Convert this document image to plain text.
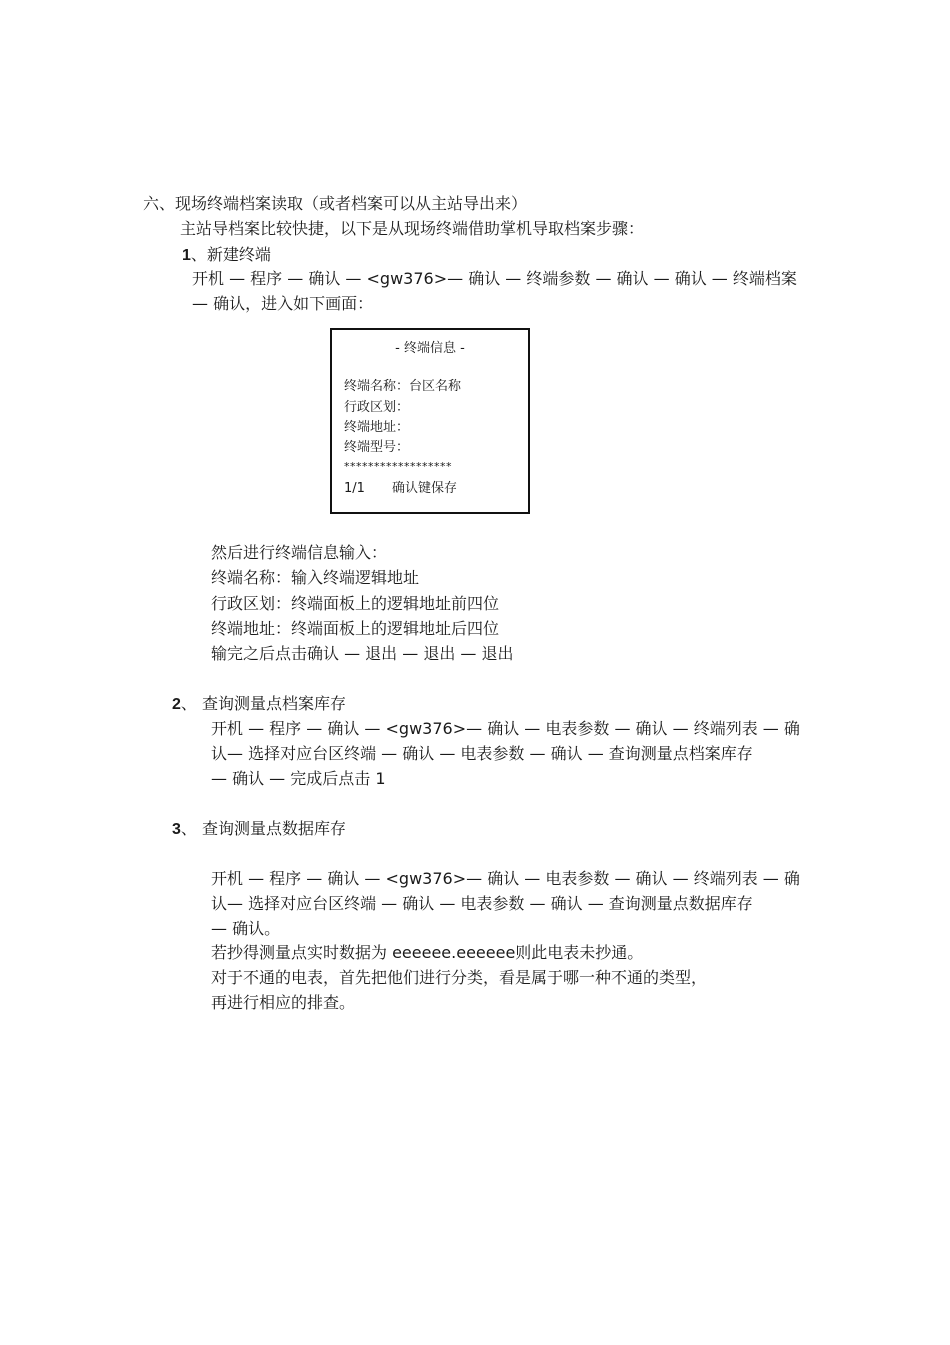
六、现场终端档案读取（或者档案可以从主站导出来）
主站导档案比较快捷，以下是从现场终端借助掌机导取档案步骤：
1、新建终端
开机 — 程序 — 确认 — <gw376>— 确认 — 终端参数 — 确认 — 确认 — 终端档案
— 确认，进入如下画面：
- 终端信息 -
终端名称：台区名称
行政区划：
终端地址：
终端型号：
******************
1/1 确认键保存
然后进行终端信息输入：
终端名称：输入终端逻辑地址
行政区划：终端面板上的逻辑地址前四位
终端地址：终端面板上的逻辑地址后四位
输完之后点击确认 — 退出 — 退出 — 退出
2、 查询测量点档案库存
开机 — 程序 — 确认 — <gw376>— 确认 — 电表参数 — 确认 — 终端列表 — 确
认— 选择对应台区终端 — 确认 — 电表参数 — 确认 — 查询测量点档案库存
— 确认 — 完成后点击 1
3、 查询测量点数据库存
开机 — 程序 — 确认 — <gw376>— 确认 — 电表参数 — 确认 — 终端列表 — 确
认— 选择对应台区终端 — 确认 — 电表参数 — 确认 — 查询测量点数据库存
— 确认。
若抄得测量点实时数据为 eeeeee.eeeeee则此电表未抄通。
对于不通的电表，首先把他们进行分类，看是属于哪一种不通的类型，
再进行相应的排查。
